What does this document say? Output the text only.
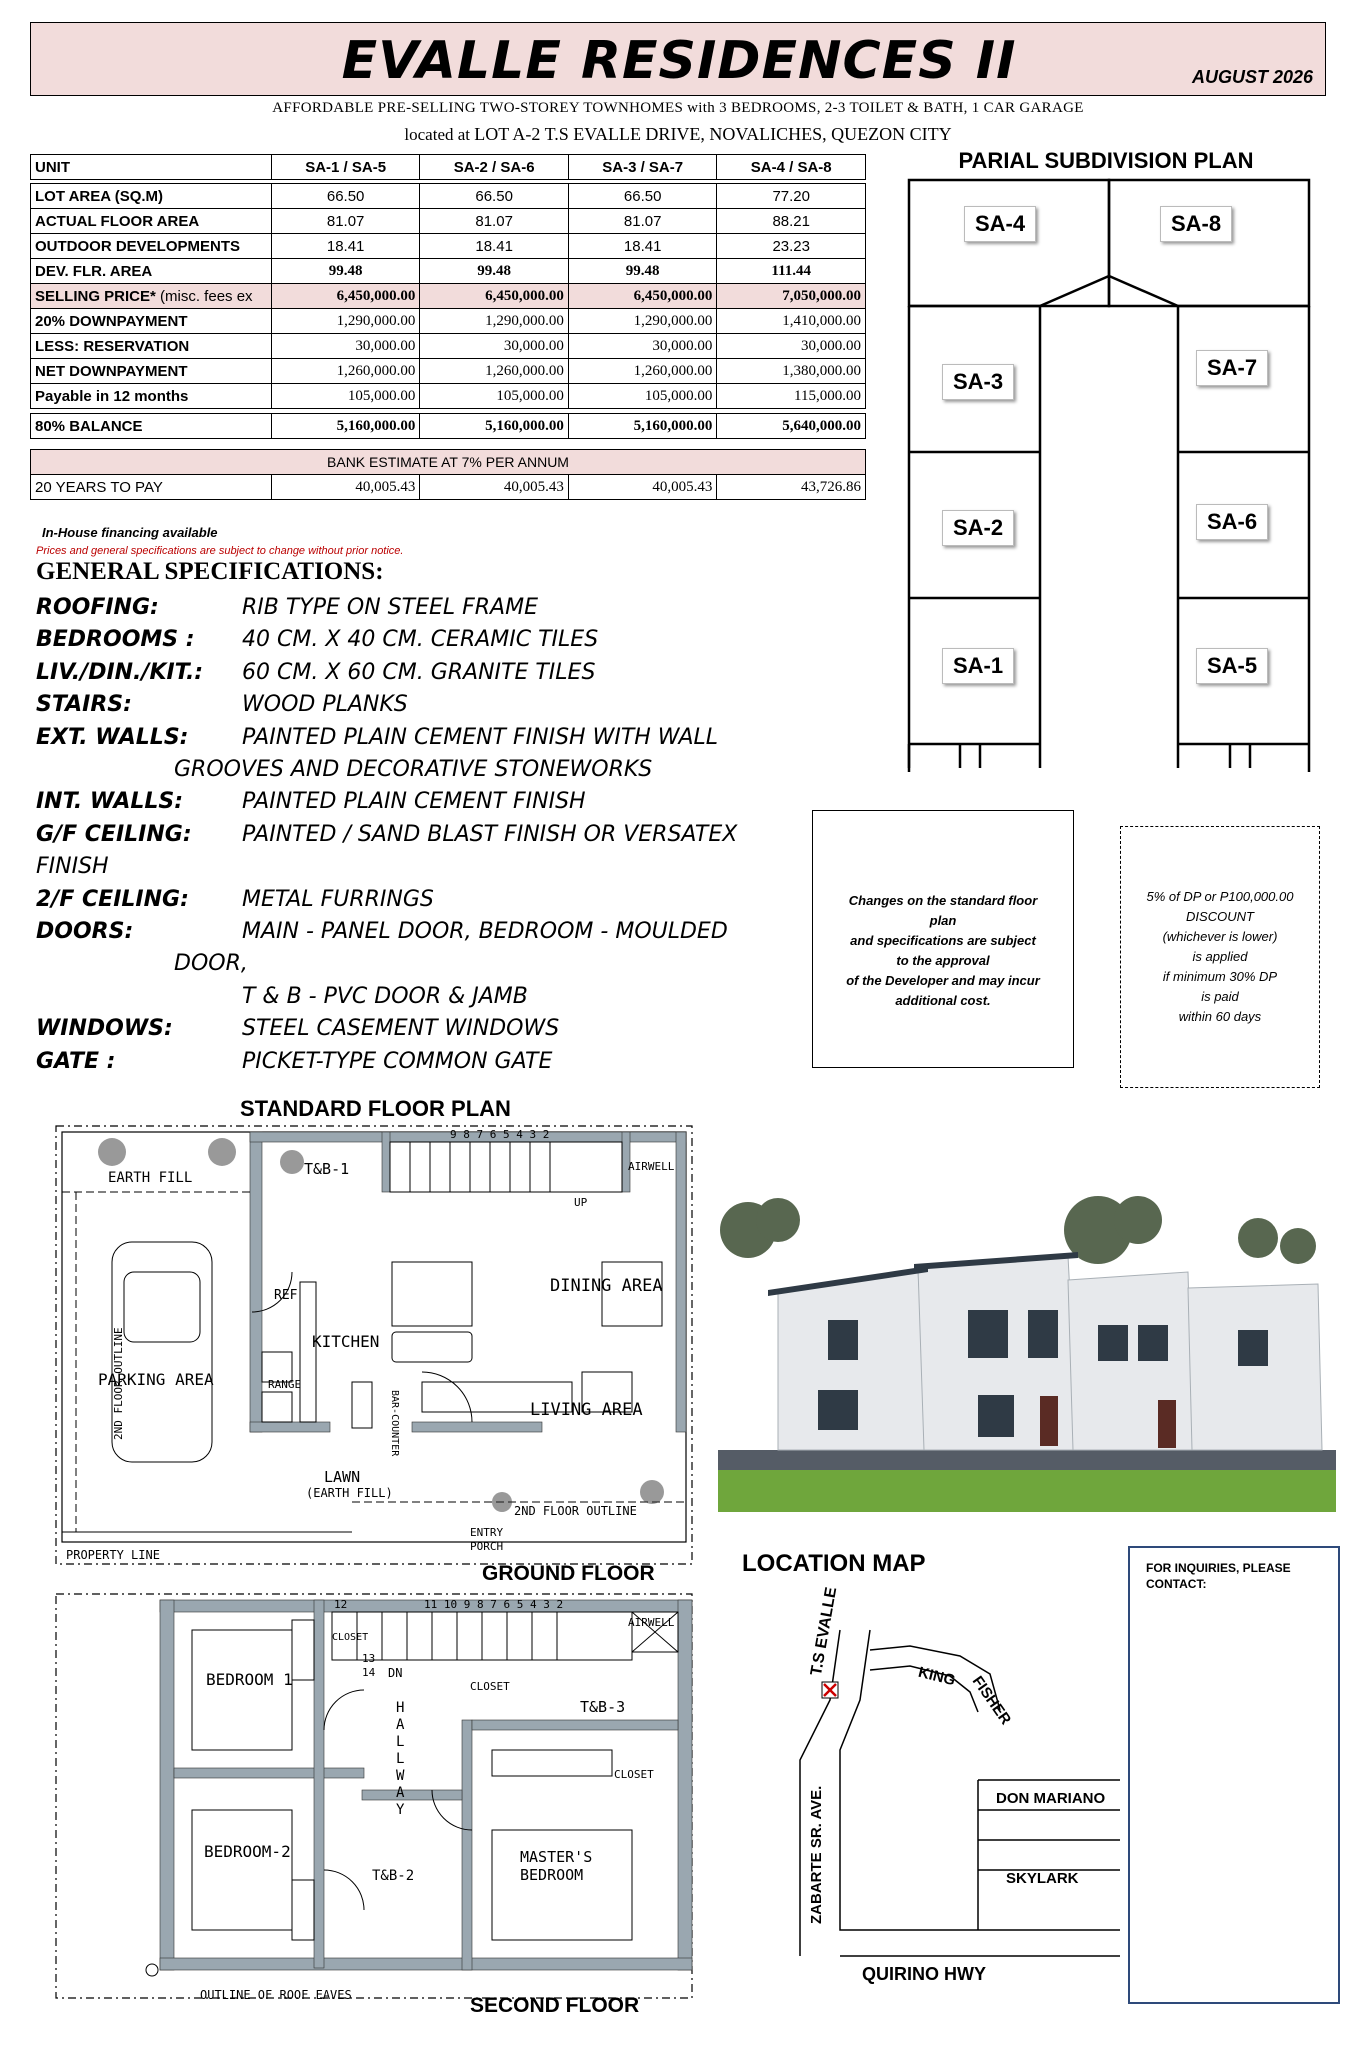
EVALLE RESIDENCES II	AUGUST 2026
AFFORDABLE PRE-SELLING TWO-STOREY TOWNHOMES with 3 BEDROOMS, 2-3 TOILET & BATH, 1 CAR GARAGE
located at LOT A-2 T.S EVALLE DRIVE, NOVALICHES, QUEZON CITY
UNIT	SA-1 / SA-5	SA-2 / SA-6	SA-3 / SA-7	SA-4 / SA-8

LOT AREA (SQ.M)	66.50	66.50	66.50	77.20
ACTUAL FLOOR AREA	81.07	81.07	81.07	88.21
OUTDOOR DEVELOPMENTS	18.41	18.41	18.41	23.23
DEV. FLR. AREA	99.48	99.48	99.48	111.44
SELLING PRICE* (misc. fees ex	6,450,000.00	6,450,000.00	6,450,000.00	7,050,000.00
20% DOWNPAYMENT	1,290,000.00	1,290,000.00	1,290,000.00	1,410,000.00
LESS: RESERVATION	30,000.00	30,000.00	30,000.00	30,000.00
NET DOWNPAYMENT	1,260,000.00	1,260,000.00	1,260,000.00	1,380,000.00
Payable in 12 months	105,000.00	105,000.00	105,000.00	115,000.00

80% BALANCE	5,160,000.00	5,160,000.00	5,160,000.00	5,640,000.00

BANK ESTIMATE AT 7% PER ANNUM				
20 YEARS TO PAY	40,005.43	40,005.43	40,005.43	43,726.86
In-House financing available
Prices and general specifications are subject to change without prior notice.
GENERAL SPECIFICATIONS:
ROOFING:	RIB TYPE ON STEEL FRAME
BEDROOMS : 40 CM. X 40 CM. CERAMIC TILES
LIV./DIN./KIT.: 60 CM. X 60 CM. GRANITE TILES
STAIRS:	WOOD PLANKS
EXT. WALLS: PAINTED PLAIN CEMENT FINISH WITH WALL
GROOVES AND DECORATIVE STONEWORKS
INT. WALLS:	PAINTED PLAIN CEMENT FINISH
G/F CEILING: PAINTED / SAND BLAST FINISH OR VERSATEX FINISH
2/F CEILING: METAL FURRINGS
DOORS:	MAIN - PANEL DOOR, BEDROOM - MOULDED
DOOR,
T & B - PVC DOOR & JAMB
WINDOWS:	STEEL CASEMENT WINDOWS
GATE :	PICKET-TYPE COMMON GATE
PARIAL SUBDIVISION PLAN
SA-4	SA-8
SA-3
SA-7
SA-2	SA-6
SA-1	SA-5
Changes on the standard floor
plan
and specifications are subject
to the approval
of the Developer and may incur
additional cost.
5% of DP or P100,000.00
DISCOUNT
(whichever is lower)
is applied
if minimum 30% DP
is paid
within 60 days
STANDARD FLOOR PLAN
EARTH FILL	T&B-1
9 8 7 6 5 4 3 2
AIRWELL
UP
DINING AREA
REF
KITCHEN
BAR-COUNTER
PARKING AREA	RANGE
LIVING AREA
LAWN
(EARTH FILL)
2ND FLOOR OUTLINE
ENTRY
PORCH
PROPERTY LINE
2ND FLOOR OUTLINE
GROUND FLOOR
11 10 9 8 7 6 5 4 3 2
AIRWELL
BEDROOM 1
CLOSET
12
13
14 DN
HALLWAY
CLOSET
T&B-3
CLOSET
BEDROOM-2
T&B-2
MASTER'S
BEDROOM
OUTLINE OF ROOF EAVES	SECOND FLOOR
LOCATION MAP
T.S EVALLE	KING FISHER
ZABARTE SR. AVE.	DON MARIANO
SKYLARK
QUIRINO HWY
FOR INQUIRIES, PLEASE
CONTACT:
